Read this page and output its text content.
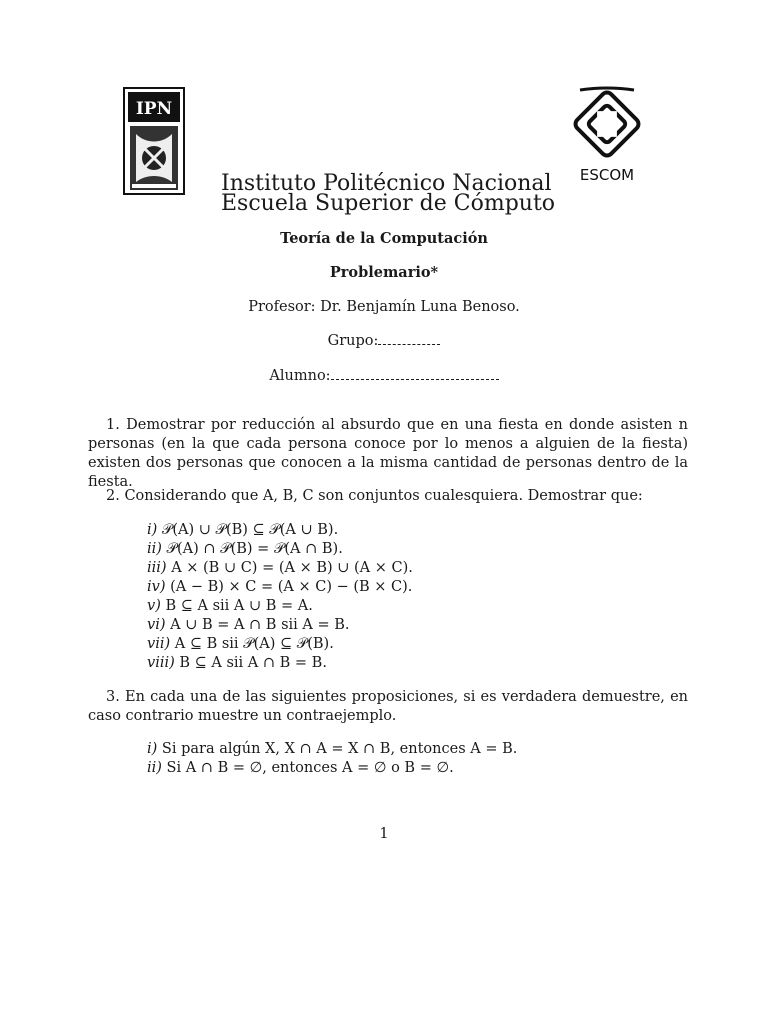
IPN
ESCOM
Instituto Politécnico Nacional
Escuela Superior de Cómputo
Teoría de la Computación
Problemario*
Profesor: Dr. Benjamín Luna Benoso.
Grupo:
Alumno:
1. Demostrar por reducción al absurdo que en una fiesta en donde asisten n personas (en la que cada persona conoce por lo menos a alguien de la fiesta) existen dos personas que conocen a la misma cantidad de personas dentro de la fiesta.
2. Considerando que A, B, C son conjuntos cualesquiera. Demostrar que:
i) 𝒫(A) ∪ 𝒫(B) ⊆ 𝒫(A ∪ B).
ii) 𝒫(A) ∩ 𝒫(B) = 𝒫(A ∩ B).
iii) A × (B ∪ C) = (A × B) ∪ (A × C).
iv) (A − B) × C = (A × C) − (B × C).
v) B ⊆ A sii A ∪ B = A.
vi) A ∪ B = A ∩ B sii A = B.
vii) A ⊆ B sii 𝒫(A) ⊆ 𝒫(B).
viii) B ⊆ A sii A ∩ B = B.
3. En cada una de las siguientes proposiciones, si es verdadera demuestre, en caso contrario muestre un contraejemplo.
i) Si para algún X, X ∩ A = X ∩ B, entonces A = B.
ii) Si A ∩ B = ∅, entonces A = ∅ o B = ∅.
1
